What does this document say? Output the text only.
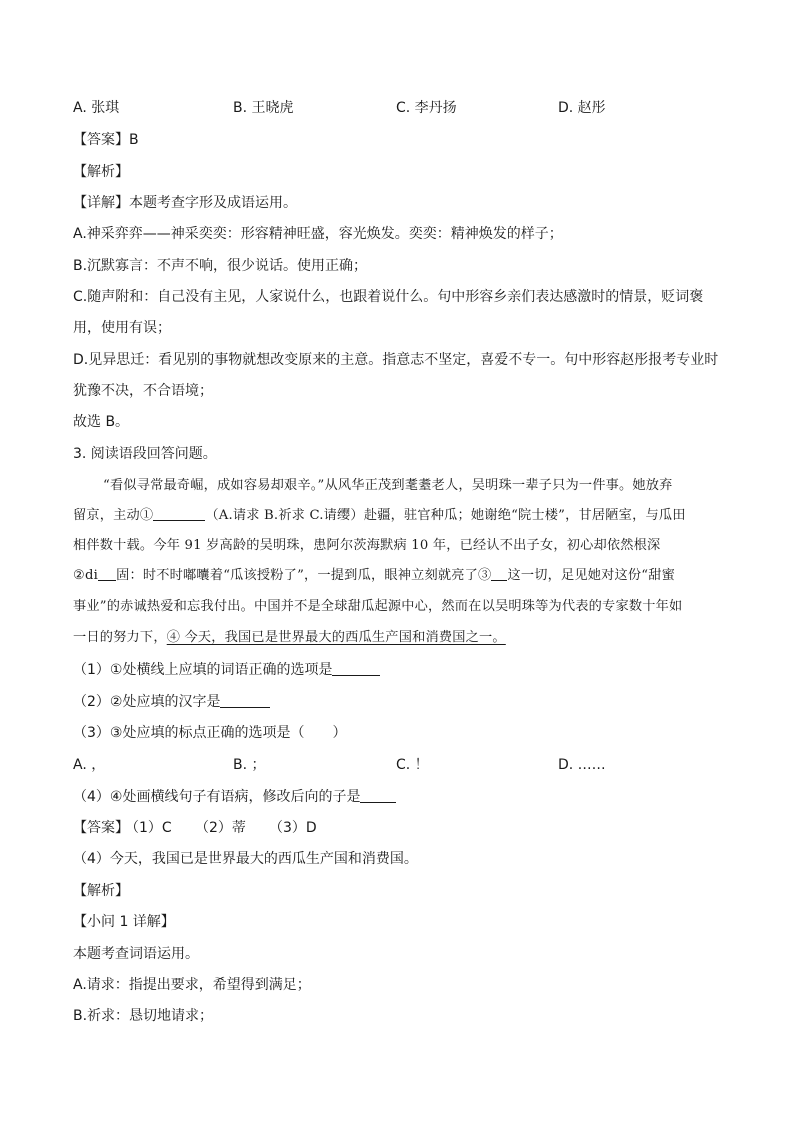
A. 张琪	B. 王晓虎	C. 李丹扬	D. 赵彤
【答案】B
【解析】
【详解】本题考查字形及成语运用。
A.神采弈弈——神采奕奕：形容精神旺盛，容光焕发。奕奕：精神焕发的样子；
B.沉默寡言：不声不响，很少说话。使用正确；
C.随声附和：自己没有主见，人家说什么，也跟着说什么。句中形容乡亲们表达感激时的情景，贬词褒
用，使用有误；
D.见异思迁：看见别的事物就想改变原来的主意。指意志不坚定，喜爱不专一。句中形容赵彤报考专业时
犹豫不决，不合语境；
故选 B。
3. 阅读语段回答问题。
“看似寻常最奇崛，成如容易却艰辛。”从风华正茂到耄耋老人，吴明珠一辈子只为一件事。她放弃
留京，主动①	（A.请求 B.祈求 C.请缨）赴疆，驻官种瓜；她谢绝“院士楼”，甘居陋室，与瓜田
相伴数十载。今年 91 岁高龄的吴明珠，患阿尔茨海默病 10 年，已经认不出子女，初心却依然根深
②di 固：时不时嘟囔着“瓜该授粉了”，一提到瓜，眼神立刻就亮了③ 这一切，足见她对这份“甜蜜
事业”的赤诚热爱和忘我付出。中国并不是全球甜瓜起源中心，然而在以吴明珠等为代表的专家数十年如
一日的努力下，④ 今天，我国已是世界最大的西瓜生产国和消费国之一。
（1）①处横线上应填的词语正确的选项是
（2）②处应填的汉字是
（3）③处应填的标点正确的选项是（　　）
A. ，	B. ；	C. ！	D. ……
（4）④处画横线句子有语病，修改后向的子是
【答案】
（1）C （2）蒂 （3）D
（4）今天，我国已是世界最大的西瓜生产国和消费国。
【解析】
【小问 1 详解】
本题考查词语运用。
A.请求：指提出要求，希望得到满足；
B.祈求：恳切地请求；
